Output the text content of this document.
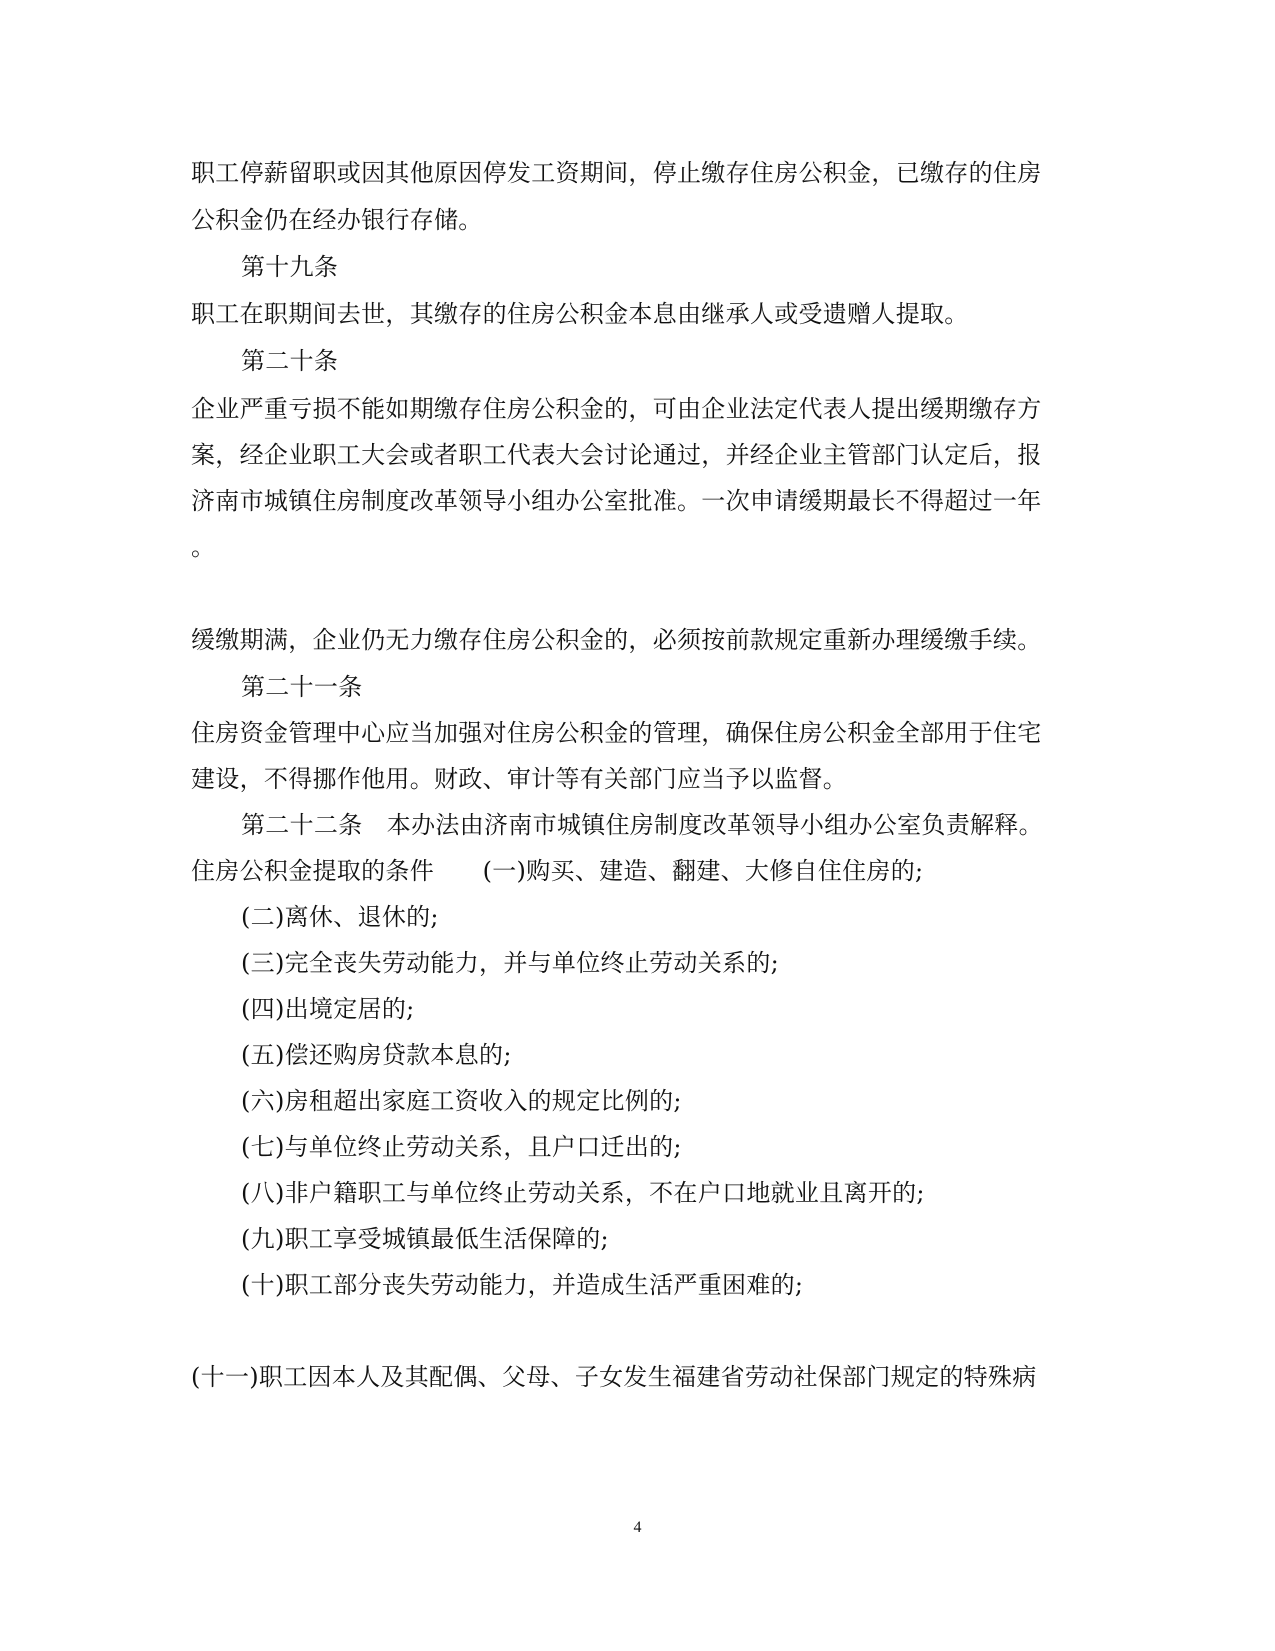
职工停薪留职或因其他原因停发工资期间，停止缴存住房公积金，已缴存的住房
公积金仍在经办银行存储。
第十九条
职工在职期间去世，其缴存的住房公积金本息由继承人或受遗赠人提取。
第二十条
企业严重亏损不能如期缴存住房公积金的，可由企业法定代表人提出缓期缴存方
案，经企业职工大会或者职工代表大会讨论通过，并经企业主管部门认定后，报
济南市城镇住房制度改革领导小组办公室批准。一次申请缓期最长不得超过一年
。
缓缴期满，企业仍无力缴存住房公积金的，必须按前款规定重新办理缓缴手续。
第二十一条
住房资金管理中心应当加强对住房公积金的管理，确保住房公积金全部用于住宅
建设，不得挪作他用。财政、审计等有关部门应当予以监督。
第二十二条　本办法由济南市城镇住房制度改革领导小组办公室负责解释。
住房公积金提取的条件　　(一)购买、建造、翻建、大修自住住房的;
(二)离休、退休的;
(三)完全丧失劳动能力，并与单位终止劳动关系的;
(四)出境定居的;
(五)偿还购房贷款本息的;
(六)房租超出家庭工资收入的规定比例的;
(七)与单位终止劳动关系，且户口迁出的;
(八)非户籍职工与单位终止劳动关系，不在户口地就业且离开的;
(九)职工享受城镇最低生活保障的;
(十)职工部分丧失劳动能力，并造成生活严重困难的;
(十一)职工因本人及其配偶、父母、子女发生福建省劳动社保部门规定的特殊病
4
